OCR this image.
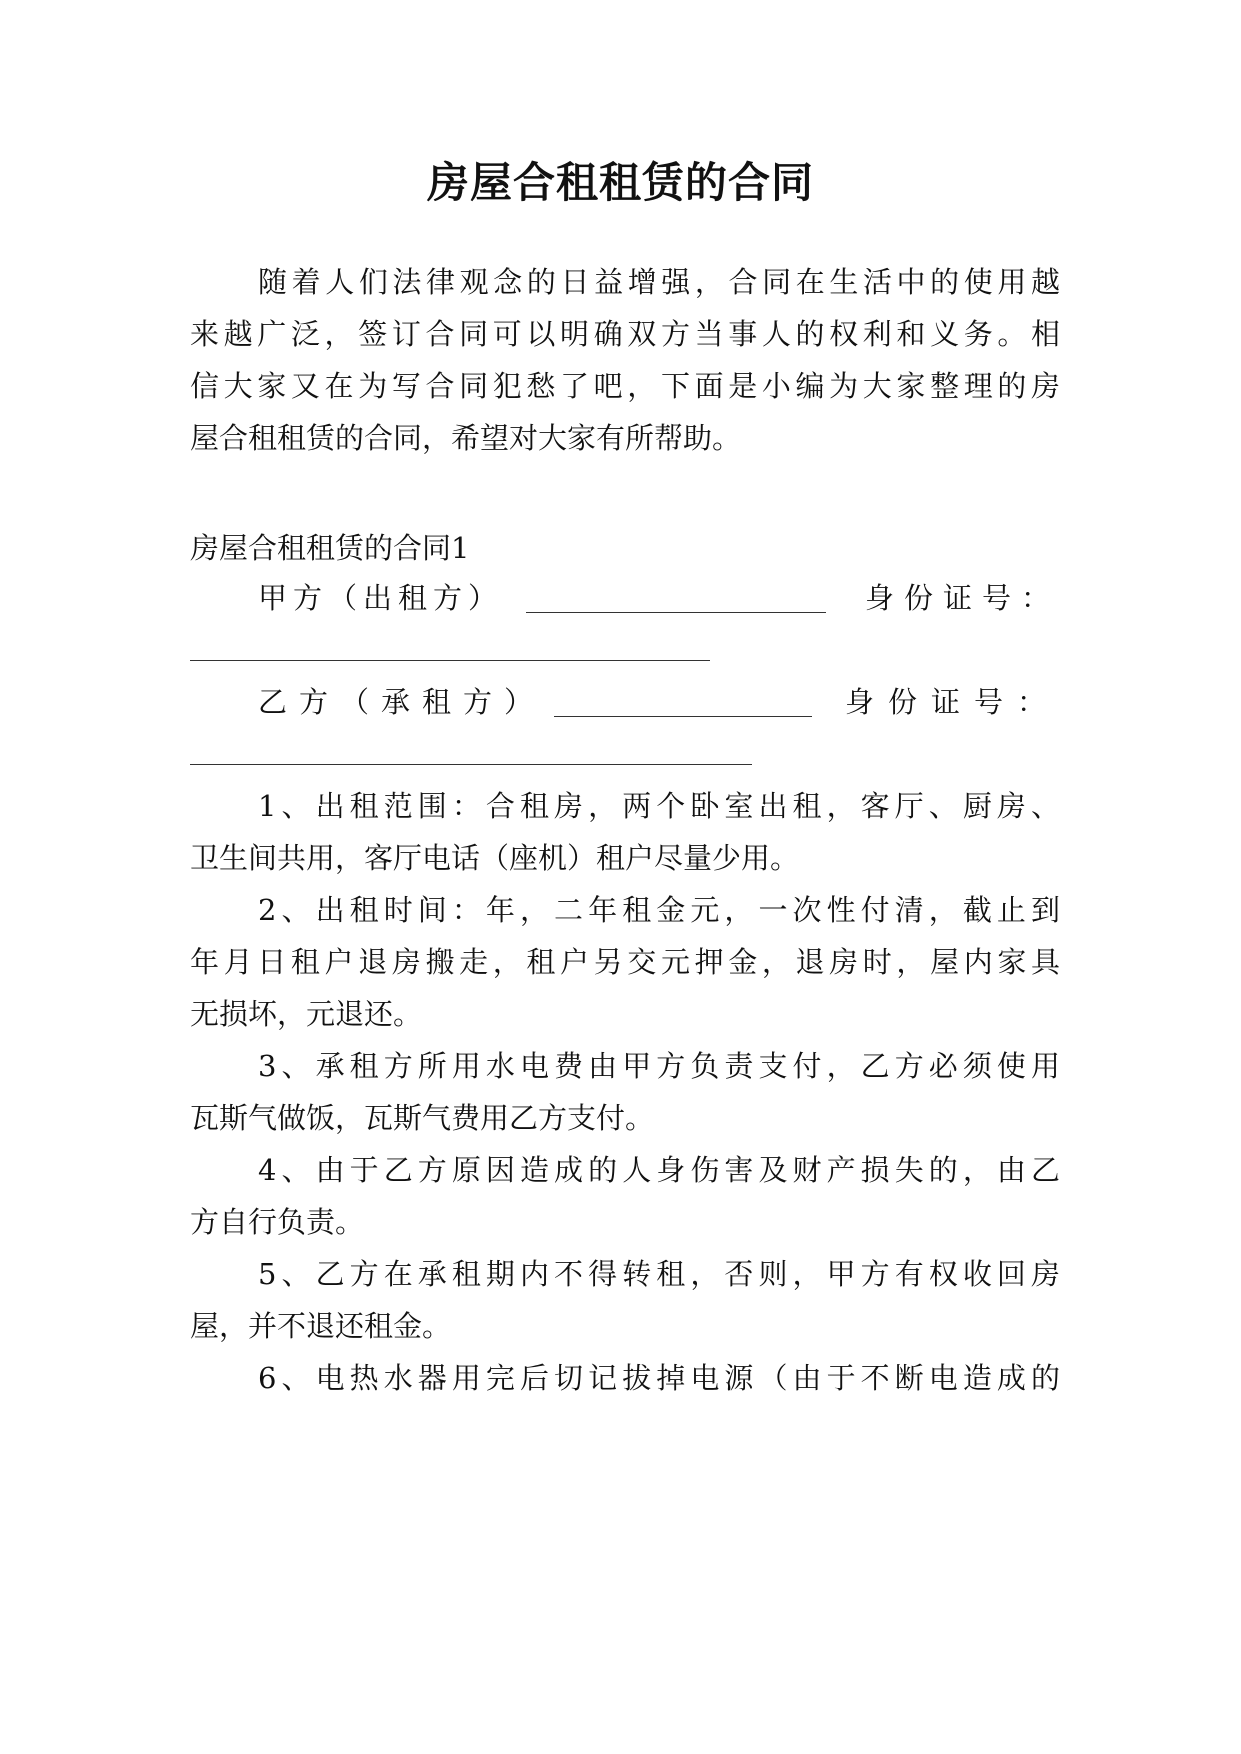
房屋合租租赁的合同
随着人们法律观念的日益增强，合同在生活中的使用越
来越广泛，签订合同可以明确双方当事人的权利和义务。相
信大家又在为写合同犯愁了吧，下面是小编为大家整理的房
屋合租租赁的合同，希望对大家有所帮助。
房屋合租租赁的合同1
甲方（出租方）	身份证号：
乙方（承租方）	身份证号：
1、出租范围：合租房，两个卧室出租，客厅、厨房、
卫生间共用，客厅电话（座机）租户尽量少用。
2、出租时间：年，二年租金元，一次性付清，截止到
年月日租户退房搬走，租户另交元押金，退房时，屋内家具
无损坏，元退还。
3、承租方所用水电费由甲方负责支付，乙方必须使用
瓦斯气做饭，瓦斯气费用乙方支付。
4、由于乙方原因造成的人身伤害及财产损失的，由乙
方自行负责。
5、乙方在承租期内不得转租，否则，甲方有权收回房
屋，并不退还租金。
6、电热水器用完后切记拔掉电源（由于不断电造成的
